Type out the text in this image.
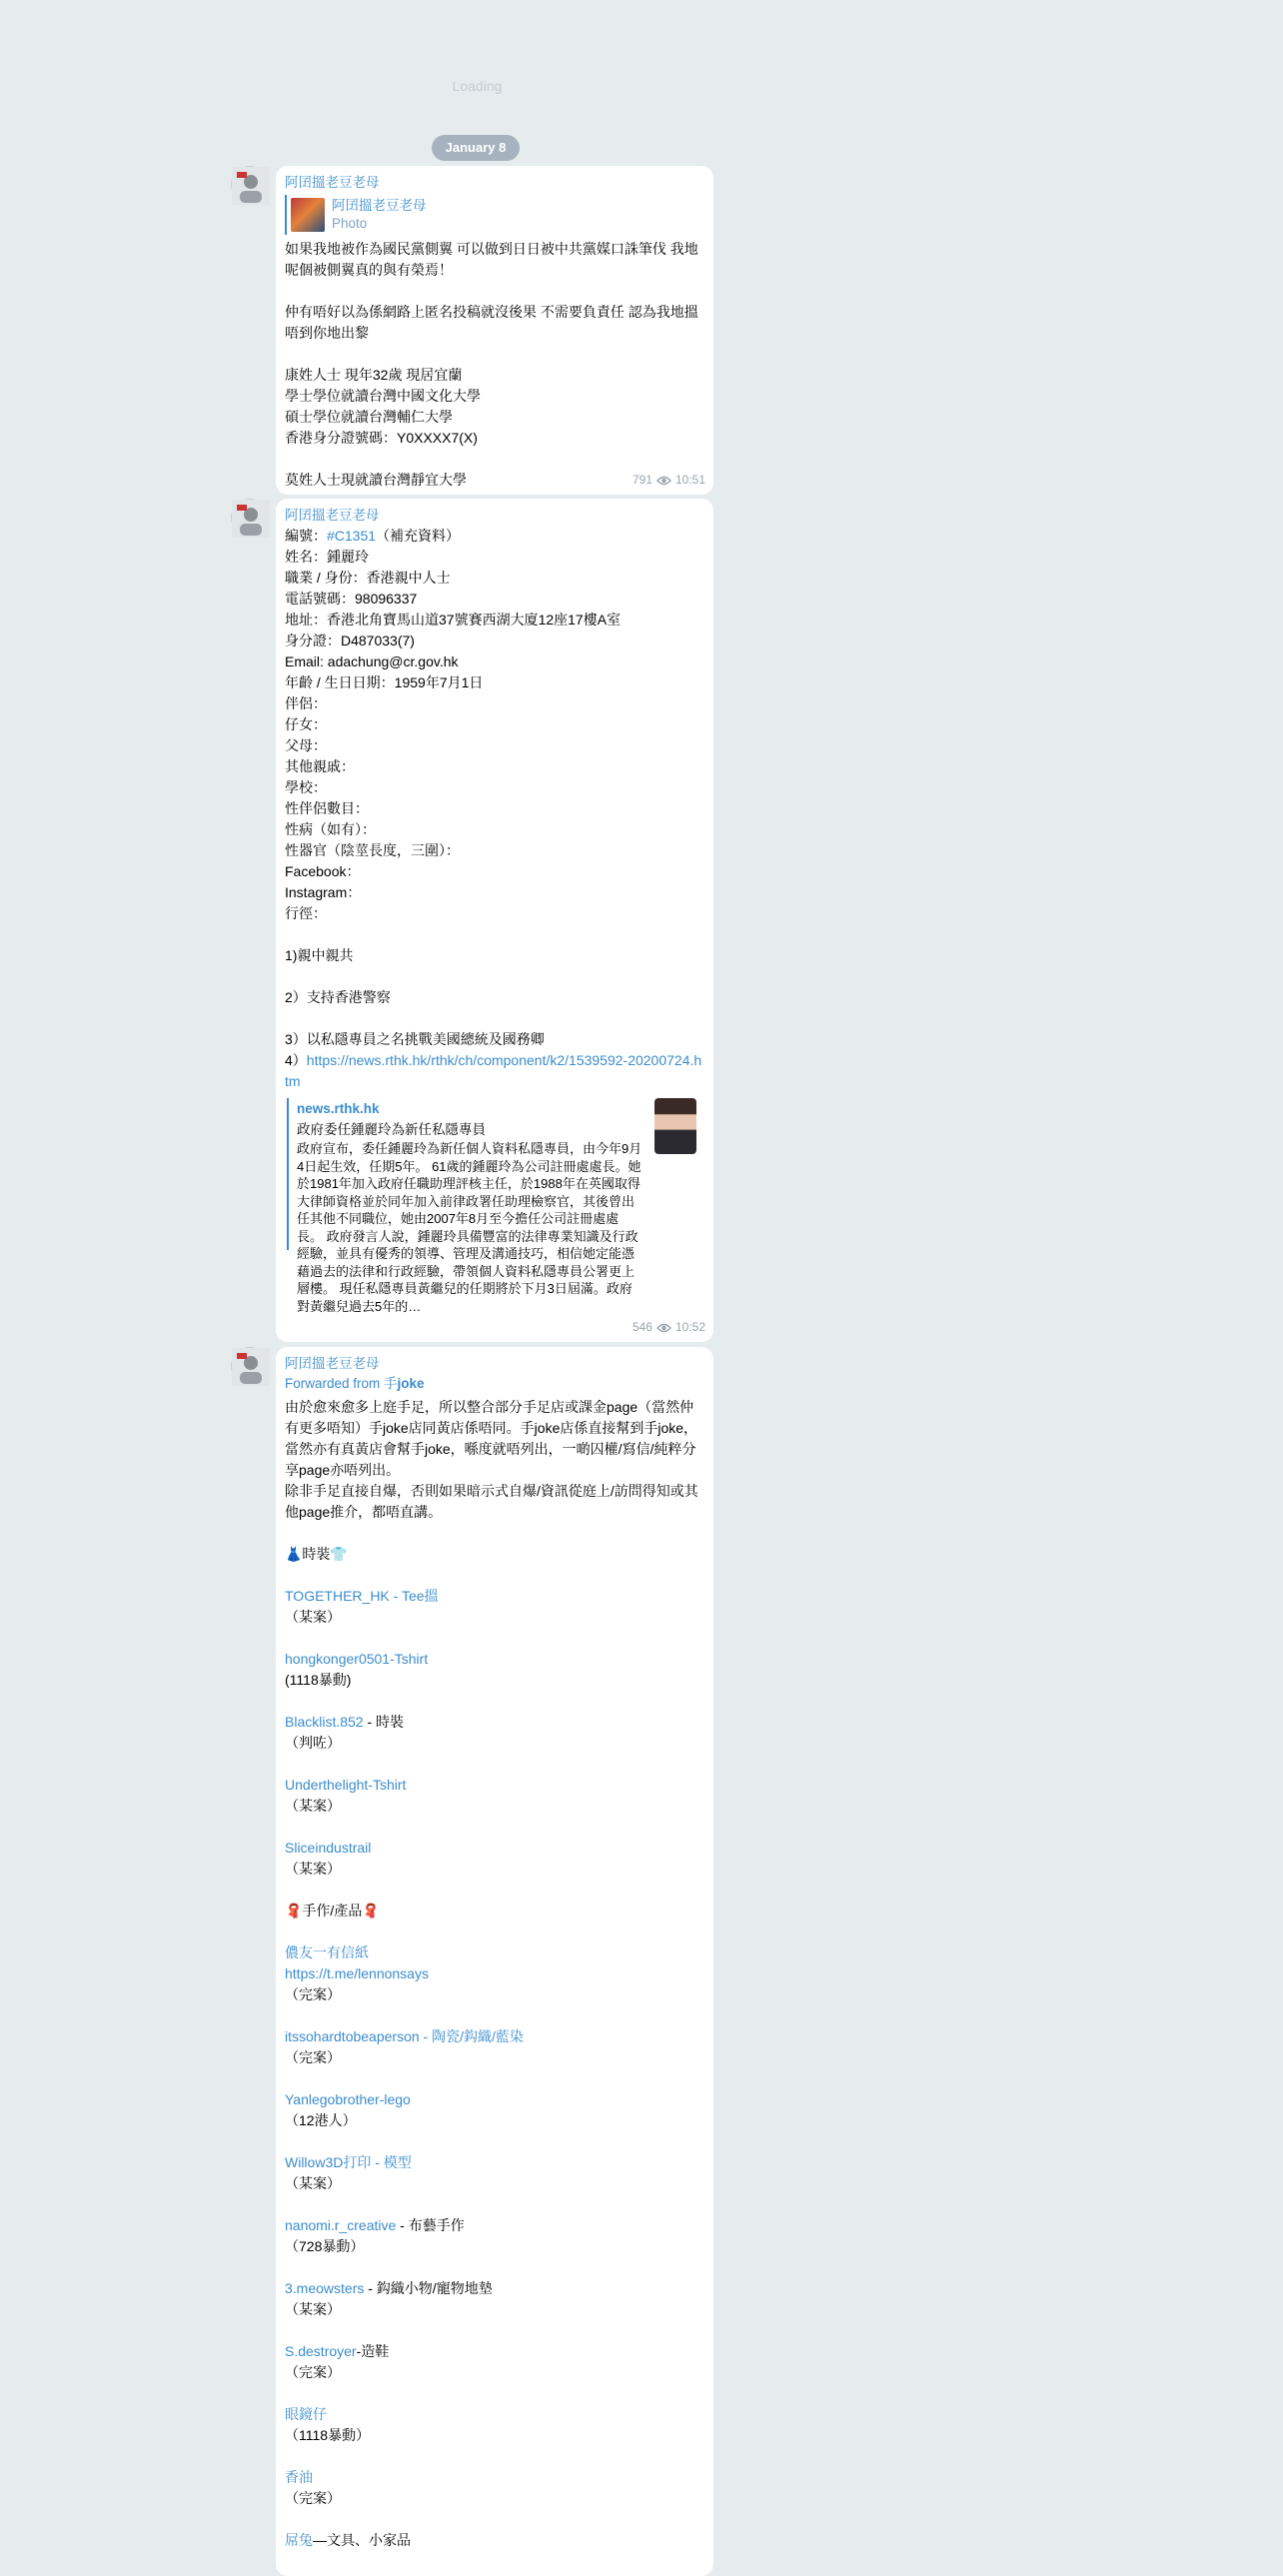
Loading
January 8
阿囝搵老豆老母
阿囝搵老豆老母
Photo
如果我地被作為國民黨側翼 可以做到日日被中共黨媒口誅筆伐 我地呢個被側翼真的與有榮焉！

仲有唔好以為係網路上匿名投稿就沒後果 不需要負責任 認為我地搵唔到你地出黎

康姓人士 現年32歲 現居宜蘭
學士學位就讀台灣中國文化大學
碩士學位就讀台灣輔仁大學
香港身分證號碼：Y0XXXX7(X)

莫姓人士現就讀台灣靜宜大學	791 10:51
阿囝搵老豆老母
編號：#C1351（補充資料）
姓名：鍾麗玲
職業 / 身份：香港親中人士
電話號碼：98096337
地址：香港北角寶馬山道37號賽西湖大廈12座17樓A室
身分證：D487033(7)
Email: adachung@cr.gov.hk
年齡 / 生日日期：1959年7月1日
伴侶：
仔女：
父母：
其他親戚：
學校：
性伴侶數目：
性病（如有）：
性器官（陰莖長度，三圍）：
Facebook：
Instagram：
行徑：

1)親中親共

2）支持香港警察

3）以私隱專員之名挑戰美國總統及國務卿

4）https://news.rthk.hk/rthk/ch/component/k2/1539592-20200724.htm
news.rthk.hk
政府委任鍾麗玲為新任私隱專員
政府宣布，委任鍾麗玲為新任個人資料私隱專員，由今年9月4日起生效，任期5年。 61歲的鍾麗玲為公司註冊處處長。她於1981年加入政府任職助理評核主任，於1988年在英國取得大律師資格並於同年加入前律政署任助理檢察官，其後曾出任其他不同職位，她由2007年8月至今擔任公司註冊處處長。 政府發言人說，鍾麗玲具備豐富的法律專業知識及行政經驗，並具有優秀的領導、管理及溝通技巧，相信她定能憑藉過去的法律和行政經驗，帶領個人資料私隱專員公署更上層樓。 現任私隱專員黃繼兒的任期將於下月3日屆滿。政府對黃繼兒過去5年的…
546 10:52
阿囝搵老豆老母
Forwarded from 手joke
由於愈來愈多上庭手足，所以整合部分手足店或課金page（當然仲有更多唔知）手joke店同黃店係唔同。手joke店係直接幫到手joke，當然亦有真黃店會幫手joke，喺度就唔列出，一啲囚權/寫信/純粹分享page亦唔列出。
除非手足直接自爆，否則如果暗示式自爆/資訊從庭上/訪問得知或其他page推介，都唔直講。
👗時裝👕
TOGETHER_HK - Tee搵
（某案）
hongkonger0501-Tshirt
(1118暴動)
Blacklist.852 - 時裝
（判咗）
Underthelight-Tshirt
（某案）
Sliceindustrail
（某案）
🧣手作/產品🧣
儂友一有信紙
https://t.me/lennonsays
（完案）
itssohardtobeaperson - 陶瓷/鈎織/藍染
（完案）
Yanlegobrother-lego
（12港人）
Willow3D打印 - 模型
（某案）
nanomi.r_creative - 布藝手作
（728暴動）
3.meowsters - 鈎織小物/寵物地墊
（某案）
S.destroyer-造鞋
（完案）
眼鏡仔
（1118暴動）
香油
（完案）
屌兔—文具、小家品
